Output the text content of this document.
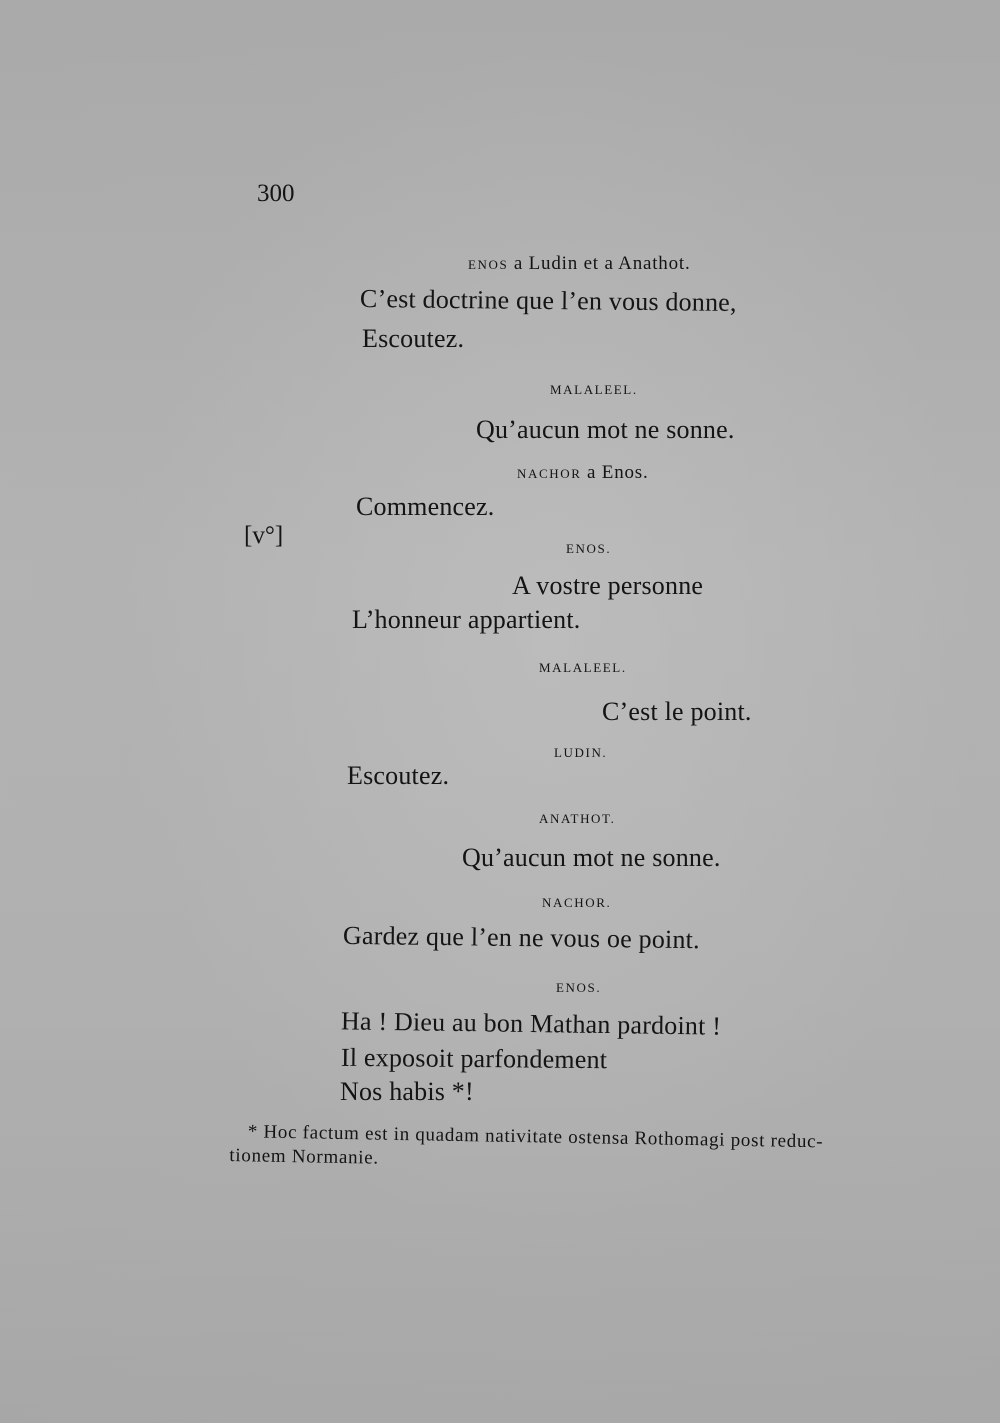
300
[v°]
ENOS a Ludin et a Anathot.
C’est doctrine que l’en vous donne,
Escoutez.
MALALEEL.
Qu’aucun mot ne sonne.
NACHOR a Enos.
Commencez.
ENOS.
A vostre personne
L’honneur appartient.
MALALEEL.
C’est le point.
LUDIN.
Escoutez.
ANATHOT.
Qu’aucun mot ne sonne.
NACHOR.
Gardez que l’en ne vous oe point.
ENOS.
Ha ! Dieu au bon Mathan pardoint !
Il exposoit parfondement
Nos habis *!
* Hoc factum est in quadam nativitate ostensa Rothomagi post reduc-
tionem Normanie.
